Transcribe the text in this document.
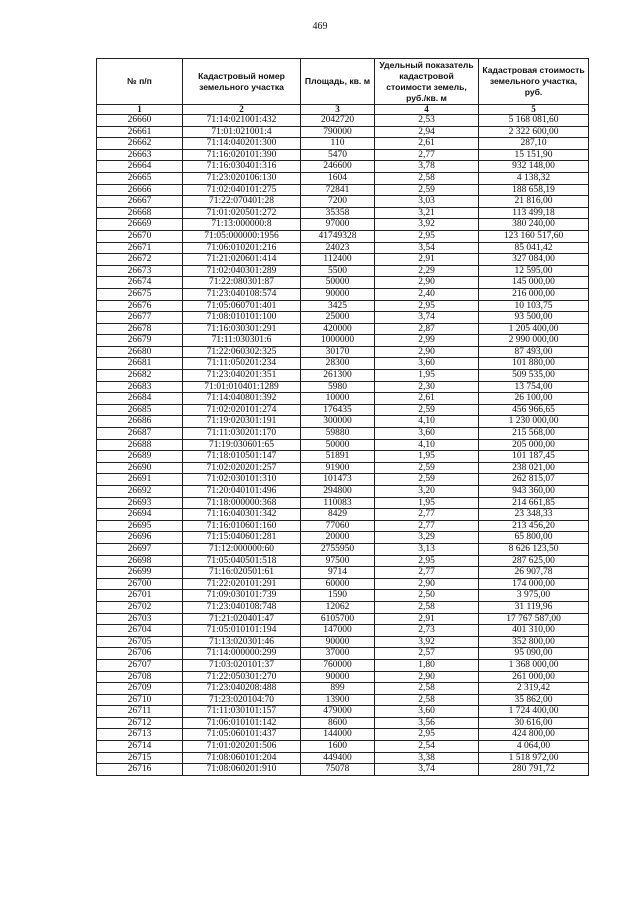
469
№ п/п	Кадастровый номер земельного участка	Площадь, кв. м	Удельный показатель кадастровой стоимости земель, руб./кв. м	Кадастровая стоимость земельного участка, руб.
1	2	3	4	5
26660	71:14:021001:432	2042720	2,53	5 168 081,60
26661	71:01:021001:4	790000	2,94	2 322 600,00
26662	71:14:040201:300	110	2,61	287,10
26663	71:16:020101:390	5470	2,77	15 151,90
26664	71:16:030401:316	246600	3,78	932 148,00
26665	71:23:020106:130	1604	2,58	4 138,32
26666	71:02:040101:275	72841	2,59	188 658,19
26667	71:22:070401:28	7200	3,03	21 816,00
26668	71:01:020501:272	35358	3,21	113 499,18
26669	71:13:000000:8	97000	3,92	380 240,00
26670	71:05:000000:1956	41749328	2,95	123 160 517,60
26671	71:06:010201:216	24023	3,54	85 041,42
26672	71:21:020601:414	112400	2,91	327 084,00
26673	71:02:040301:289	5500	2,29	12 595,00
26674	71:22:080301:87	50000	2,90	145 000,00
26675	71:23:040108:574	90000	2,40	216 000,00
26676	71:05:060701:401	3425	2,95	10 103,75
26677	71:08:010101:100	25000	3,74	93 500,00
26678	71:16:030301:291	420000	2,87	1 205 400,00
26679	71:11:030301:6	1000000	2,99	2 990 000,00
26680	71:22:060302:325	30170	2,90	87 493,00
26681	71:11:050201:234	28300	3,60	101 880,00
26682	71:23:040201:351	261300	1,95	509 535,00
26683	71:01:010401:1289	5980	2,30	13 754,00
26684	71:14:040801:392	10000	2,61	26 100,00
26685	71:02:020101:274	176435	2,59	456 966,65
26686	71:19:020301:191	300000	4,10	1 230 000,00
26687	71:11:030201:170	59880	3,60	215 568,00
26688	71:19:030601:65	50000	4,10	205 000,00
26689	71:18:010501:147	51891	1,95	101 187,45
26690	71:02:020201:257	91900	2,59	238 021,00
26691	71:02:030101:310	101473	2,59	262 815,07
26692	71:20:040101:496	294800	3,20	943 360,00
26693	71:18:000000:368	110083	1,95	214 661,85
26694	71:16:040301:342	8429	2,77	23 348,33
26695	71:16:010601:160	77060	2,77	213 456,20
26696	71:15:040601:281	20000	3,29	65 800,00
26697	71:12:000000:60	2755950	3,13	8 626 123,50
26698	71:05:040501:518	97500	2,95	287 625,00
26699	71:16:020501:61	9714	2,77	26 907,78
26700	71:22:020101:291	60000	2,90	174 000,00
26701	71:09:030101:739	1590	2,50	3 975,00
26702	71:23:040108:748	12062	2,58	31 119,96
26703	71:21:020401:47	6105700	2,91	17 767 587,00
26704	71:05:010101:194	147000	2,73	401 310,00
26705	71:13:020301:46	90000	3,92	352 800,00
26706	71:14:000000:299	37000	2,57	95 090,00
26707	71:03:020101:37	760000	1,80	1 368 000,00
26708	71:22:050301:270	90000	2,90	261 000,00
26709	71:23:040208:488	899	2,58	2 319,42
26710	71:23:020104:70	13900	2,58	35 862,00
26711	71:11:030101:157	479000	3,60	1 724 400,00
26712	71:06:010101:142	8600	3,56	30 616,00
26713	71:05:060101:437	144000	2,95	424 800,00
26714	71:01:020201:506	1600	2,54	4 064,00
26715	71:08:060101:204	449400	3,38	1 518 972,00
26716	71:08:060201:910	75078	3,74	280 791,72
